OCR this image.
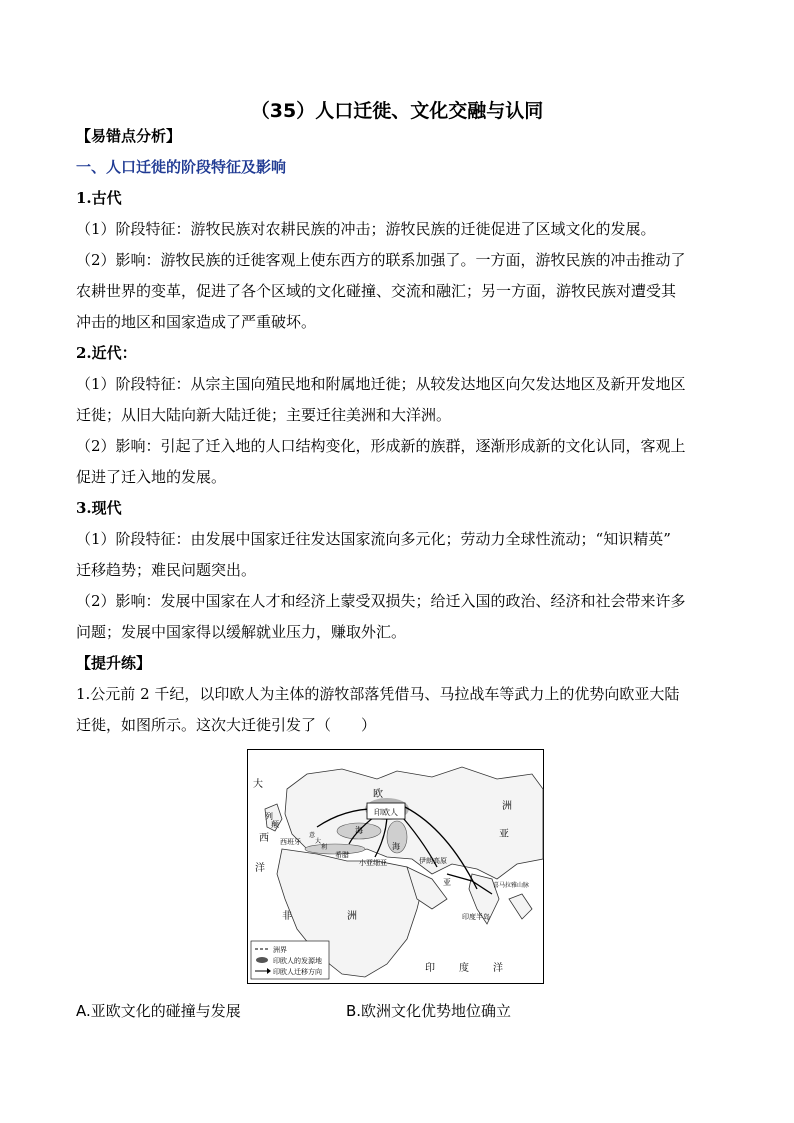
（35）人口迁徙、文化交融与认同
【易错点分析】
一、人口迁徙的阶段特征及影响
1.古代
（1）阶段特征：游牧民族对农耕民族的冲击；游牧民族的迁徙促进了区域文化的发展。
（2）影响：游牧民族的迁徙客观上使东西方的联系加强了。一方面，游牧民族的冲击推动了
农耕世界的变革，促进了各个区域的文化碰撞、交流和融汇；另一方面，游牧民族对遭受其
冲击的地区和国家造成了严重破坏。
2.近代：
（1）阶段特征：从宗主国向殖民地和附属地迁徙；从较发达地区向欠发达地区及新开发地区
迁徙；从旧大陆向新大陆迁徙；主要迁往美洲和大洋洲。
（2）影响：引起了迁入地的人口结构变化，形成新的族群，逐渐形成新的文化认同，客观上
促进了迁入地的发展。
3.现代
（1）阶段特征：由发展中国家迁往发达国家流向多元化；劳动力全球性流动；“知识精英”
迁移趋势；难民问题突出。
（2）影响：发展中国家在人才和经济上蒙受双损失；给迁入国的政治、经济和社会带来许多
问题；发展中国家得以缓解就业压力，赚取外汇。
【提升练】
1.公元前 2 千纪，以印欧人为主体的游牧部落凭借马、马拉战车等武力上的优势向欧亚大陆
迁徙，如图所示。这次大迁徙引发了（　　）
印欧人
大
西
洋
欧
洲
亚
列
颠
西班牙
海
海
希腊
小亚细亚	伊朗高原
亚
非	洲	印度半岛
印 度 洋
喜马拉雅山脉
意
大
利
洲界
印欧人的发源地
印欧人迁移方向
A.亚欧文化的碰撞与发展	B.欧洲文化优势地位确立
